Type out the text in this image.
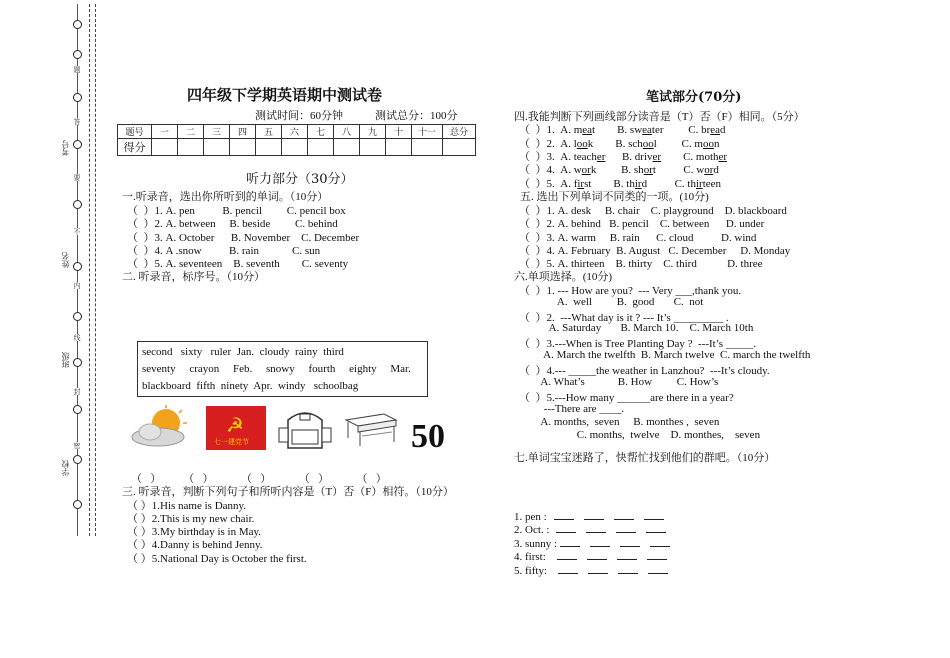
题
答
要
不
内
线
封
密
考号
姓名
班级
学校
四年级下学期英语期中测试卷
测试时间：60分钟	测试总分：100分
题号	一	二	三	四	五	六	七	八	九	十	十一	总分
得分												
听力部分（30分）
一.听录音，选出你所听到的单词。（10分）
（  ）1. A. pen          B. pencil         C. pencil box
（  ）2. A. between     B. beside         C. behind
（  ）3. A. October      B. November    C. December
（  ）4. A .snow          B. rain            C. sun
（  ）5. A. seventeen    B. seventh        C. seventy
二. 听录音，标序号。（10分）
second   sixty   ruler  Jan.  cloudy  rainy  third
seventy     crayon     Feb.     snowy     fourth     eighty     Mar.
blackboard  fifth  ninety  Apr.  windy   schoolbag
☭
七一建党节	50
（   ）        （   ）          （   ）          （   ）          （   ）
三. 听录音，判断下列句子和所听内容是（T）否（F）相符。（10分）
（ ）1.His name is Danny.
（ ）2.This is my new chair.
（ ）3.My birthday is in May.
（ ）4.Danny is behind Jenny.
（ ）5.National Day is October the first.
笔试部分(70分)
四.我能判断下列画线部分读音是（T）否（F）相同。（5分）
（  ）1.  A. meat        B. sweater         C. bread
（  ）2.  A. look        B. school         C. moon
（  ）3.  A. teacher      B. driver        C. mother
（  ）4.  A. work         B. short          C. word
（  ）5.  A. first        B. third          C. thirteen
五. 选出下列单词不同类的一项。(10分)
（  ）1. A. desk     B. chair    C. playground    D. blackboard
（  ）2. A. behind   B. pencil    C. between      D. under
（  ）3. A. warm     B. rain      C. cloud          D. wind
（  ）4. A. February  B. August   C. December     D. Monday
（  ）5. A. thirteen    B. thirty    C. third           D. three
六.单项选择。(10分)
（  ）1. --- How are you?  --- Very ___,thank you.
A.  well         B.  good       C.  not
（  ）2.  ---What day is it ? --- It’s _________ .
A. Saturday       B. March 10.    C. March 10th
（  ）3.---When is Tree Planting Day ?  ---It’s _____.
A. March the twelfth  B. March twelve  C. march the twelfth
（  ）4.--- _____the weather in Lanzhou?  ---It’s cloudy.
A. What’s            B. How         C. How’s
（  ）5.---How many ______are there in a year?
---There are ____.
A. months,  seven     B. monthes ,  seven
C. months,  twelve    D. monthes,    seven
七.单词宝宝迷路了，快帮忙找到他们的群吧。（10分）
1. pen :
2. Oct. :
3. sunny :
4. first:
5. fifty:
